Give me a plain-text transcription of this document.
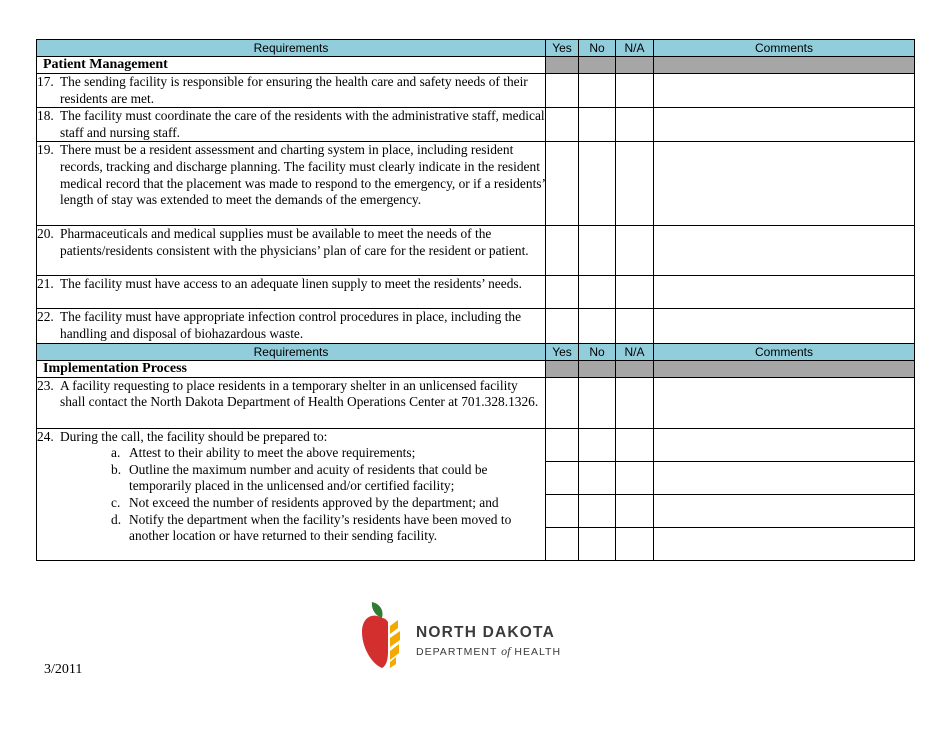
Requirements	Yes	No	N/A	Comments
Patient Management				

17. The sending facility is responsible for ensuring the health care and safety needs of their residents are met.

18. The facility must coordinate the care of the residents with the administrative staff, medical staff and nursing staff.

19. There must be a resident assessment and charting system in place, including resident records, tracking and discharge planning. The facility must clearly indicate in the resident medical record that the placement was made to respond to the emergency, or if a residents’ length of stay was extended to meet the demands of the emergency.

20. Pharmaceuticals and medical supplies must be available to meet the needs of the patients/residents consistent with the physicians’ plan of care for the resident or patient.

21. The facility must have access to an adequate linen supply to meet the residents’ needs.

22. The facility must have appropriate infection control procedures in place, including the handling and disposal of biohazardous waste.

Requirements	Yes	No	N/A	Comments
Implementation Process				

23. A facility requesting to place residents in a temporary shelter in an unlicensed facility shall contact the North Dakota Department of Health Operations Center at 701.328.1326.

24. During the call, the facility should be prepared to:
a. Attest to their ability to meet the above requirements;
b. Outline the maximum number and acuity of residents that could be temporarily placed in the unlicensed and/or certified facility;
c. Not exceed the number of residents approved by the department; and
d. Notify the department when the facility’s residents have been moved to another location or have returned to their sending facility.

NORTH DAKOTA
DEPARTMENT of HEALTH
3/2011
